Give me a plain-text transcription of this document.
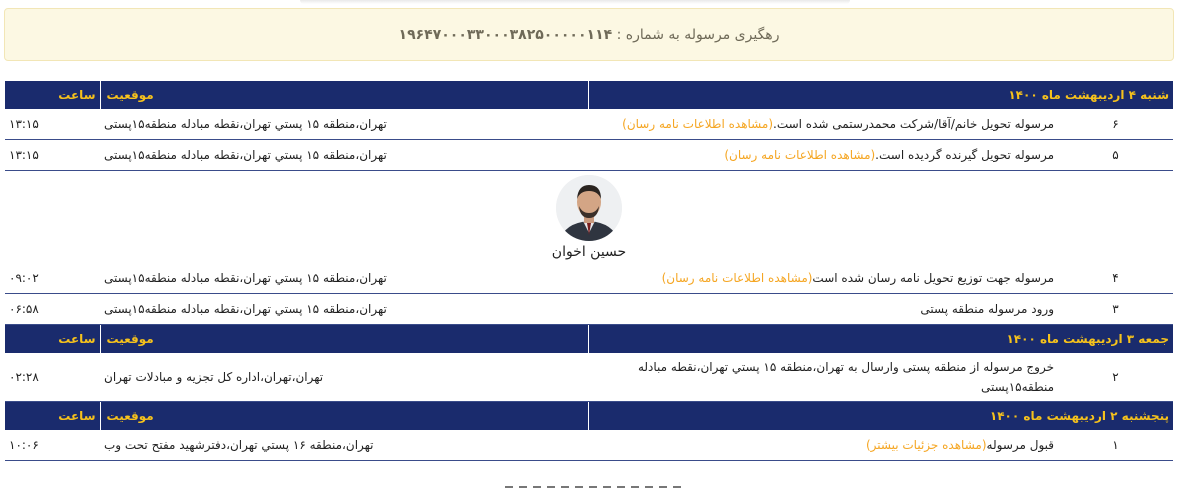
رهگیری مرسوله به شماره :

۱۹۶۴۷۰۰۰۳۳۰۰۰۳۸۲۵۰۰۰۰۰۱۱۴
شنبه ۴ اردیبهشت ماه ۱۴۰۰		موقعیت	ساعت
۶	مرسوله تحویل خانم/آقا/شرکت محمدرستمی شده است.(مشاهده اطلاعات نامه رسان)	تهران،منطقه ۱۵ پستي تهران،نقطه مبادله منطقه۱۵پستی	۱۳:۱۵
۵	مرسوله تحویل گیرنده گردیده است.(مشاهده اطلاعات نامه رسان)	تهران،منطقه ۱۵ پستي تهران،نقطه مبادله منطقه۱۵پستی	۱۳:۱۵

حسین اخوان			

۴	مرسوله جهت توزیع تحویل نامه رسان شده است(مشاهده اطلاعات نامه رسان)	تهران،منطقه ۱۵ پستي تهران،نقطه مبادله منطقه۱۵پستی	۰۹:۰۲
۳	ورود مرسوله منطقه پستی	تهران،منطقه ۱۵ پستي تهران،نقطه مبادله منطقه۱۵پستی	۰۶:۵۸
جمعه ۳ اردیبهشت ماه ۱۴۰۰		موقعیت	ساعت
۲	خروج مرسوله از منطقه پستی وارسال به تهران،منطقه ۱۵ پستي تهران،نقطه مبادله منطقه۱۵پستی	تهران،تهران،اداره کل تجزیه و مبادلات تهران	۰۲:۲۸
پنجشنبه ۲ اردیبهشت ماه ۱۴۰۰		موقعیت	ساعت
۱	قبول مرسوله(مشاهده جزئیات بیشتر)	تهران،منطقه ۱۶ پستي تهران،دفترشهید مفتح تحت وب	۱۰:۰۶
